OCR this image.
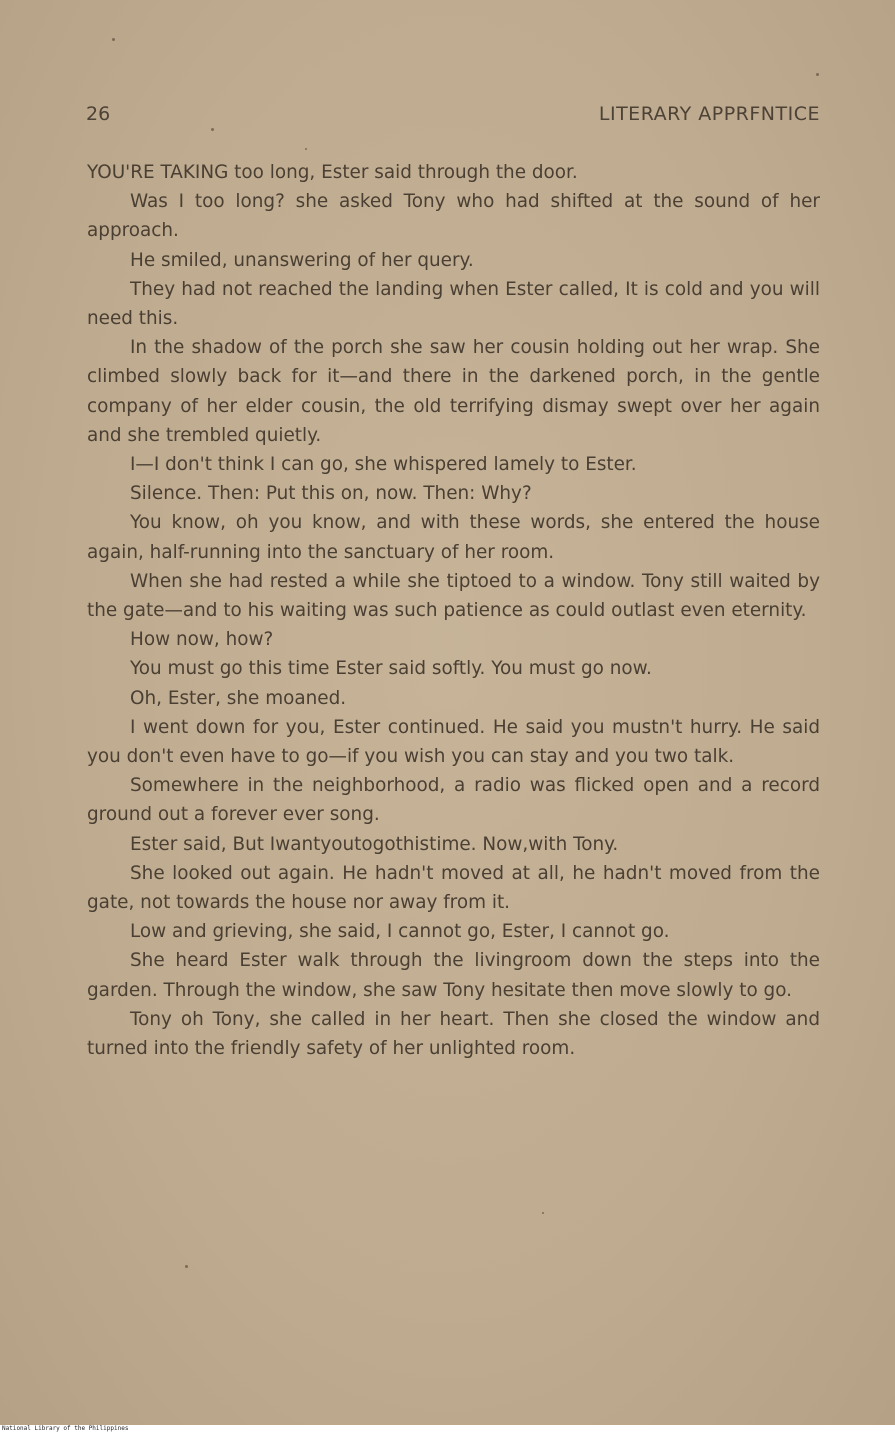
26	LITERARY APPRFNTICE

YOU'RE TAKING too long, Ester said through the door.

Was I too long? she asked Tony who had shifted at the sound of her approach.

He smiled, unanswering of her query.

They had not reached the landing when Ester called, It is cold and you will need this.

In the shadow of the porch she saw her cousin holding out her wrap. She climbed slowly back for it—and there in the darkened porch, in the gentle company of her elder cousin, the old terrifying dismay swept over her again and she trembled quietly.

I—I don't think I can go, she whispered lamely to Ester.

Silence. Then: Put this on, now. Then: Why?

You know, oh you know, and with these words, she entered the house again, half-running into the sanctuary of her room.

When she had rested a while she tiptoed to a window. Tony still waited by the gate—and to his waiting was such patience as could outlast even eternity.

How now, how?

You must go this time Ester said softly. You must go now.

Oh, Ester, she moaned.

I went down for you, Ester continued. He said you mustn't hurry. He said you don't even have to go—if you wish you can stay and you two talk.

Somewhere in the neighborhood, a radio was flicked open and a record ground out a forever ever song.

Ester said, But Iwantyoutogothistime. Now,with Tony.

She looked out again. He hadn't moved at all, he hadn't moved from the gate, not towards the house nor away from it.

Low and grieving, she said, I cannot go, Ester, I cannot go.

She heard Ester walk through the livingroom down the steps into the garden. Through the window, she saw Tony hesitate then move slowly to go.

Tony oh Tony, she called in her heart. Then she closed the window and turned into the friendly safety of her unlighted room.

National Library of the Philippines
